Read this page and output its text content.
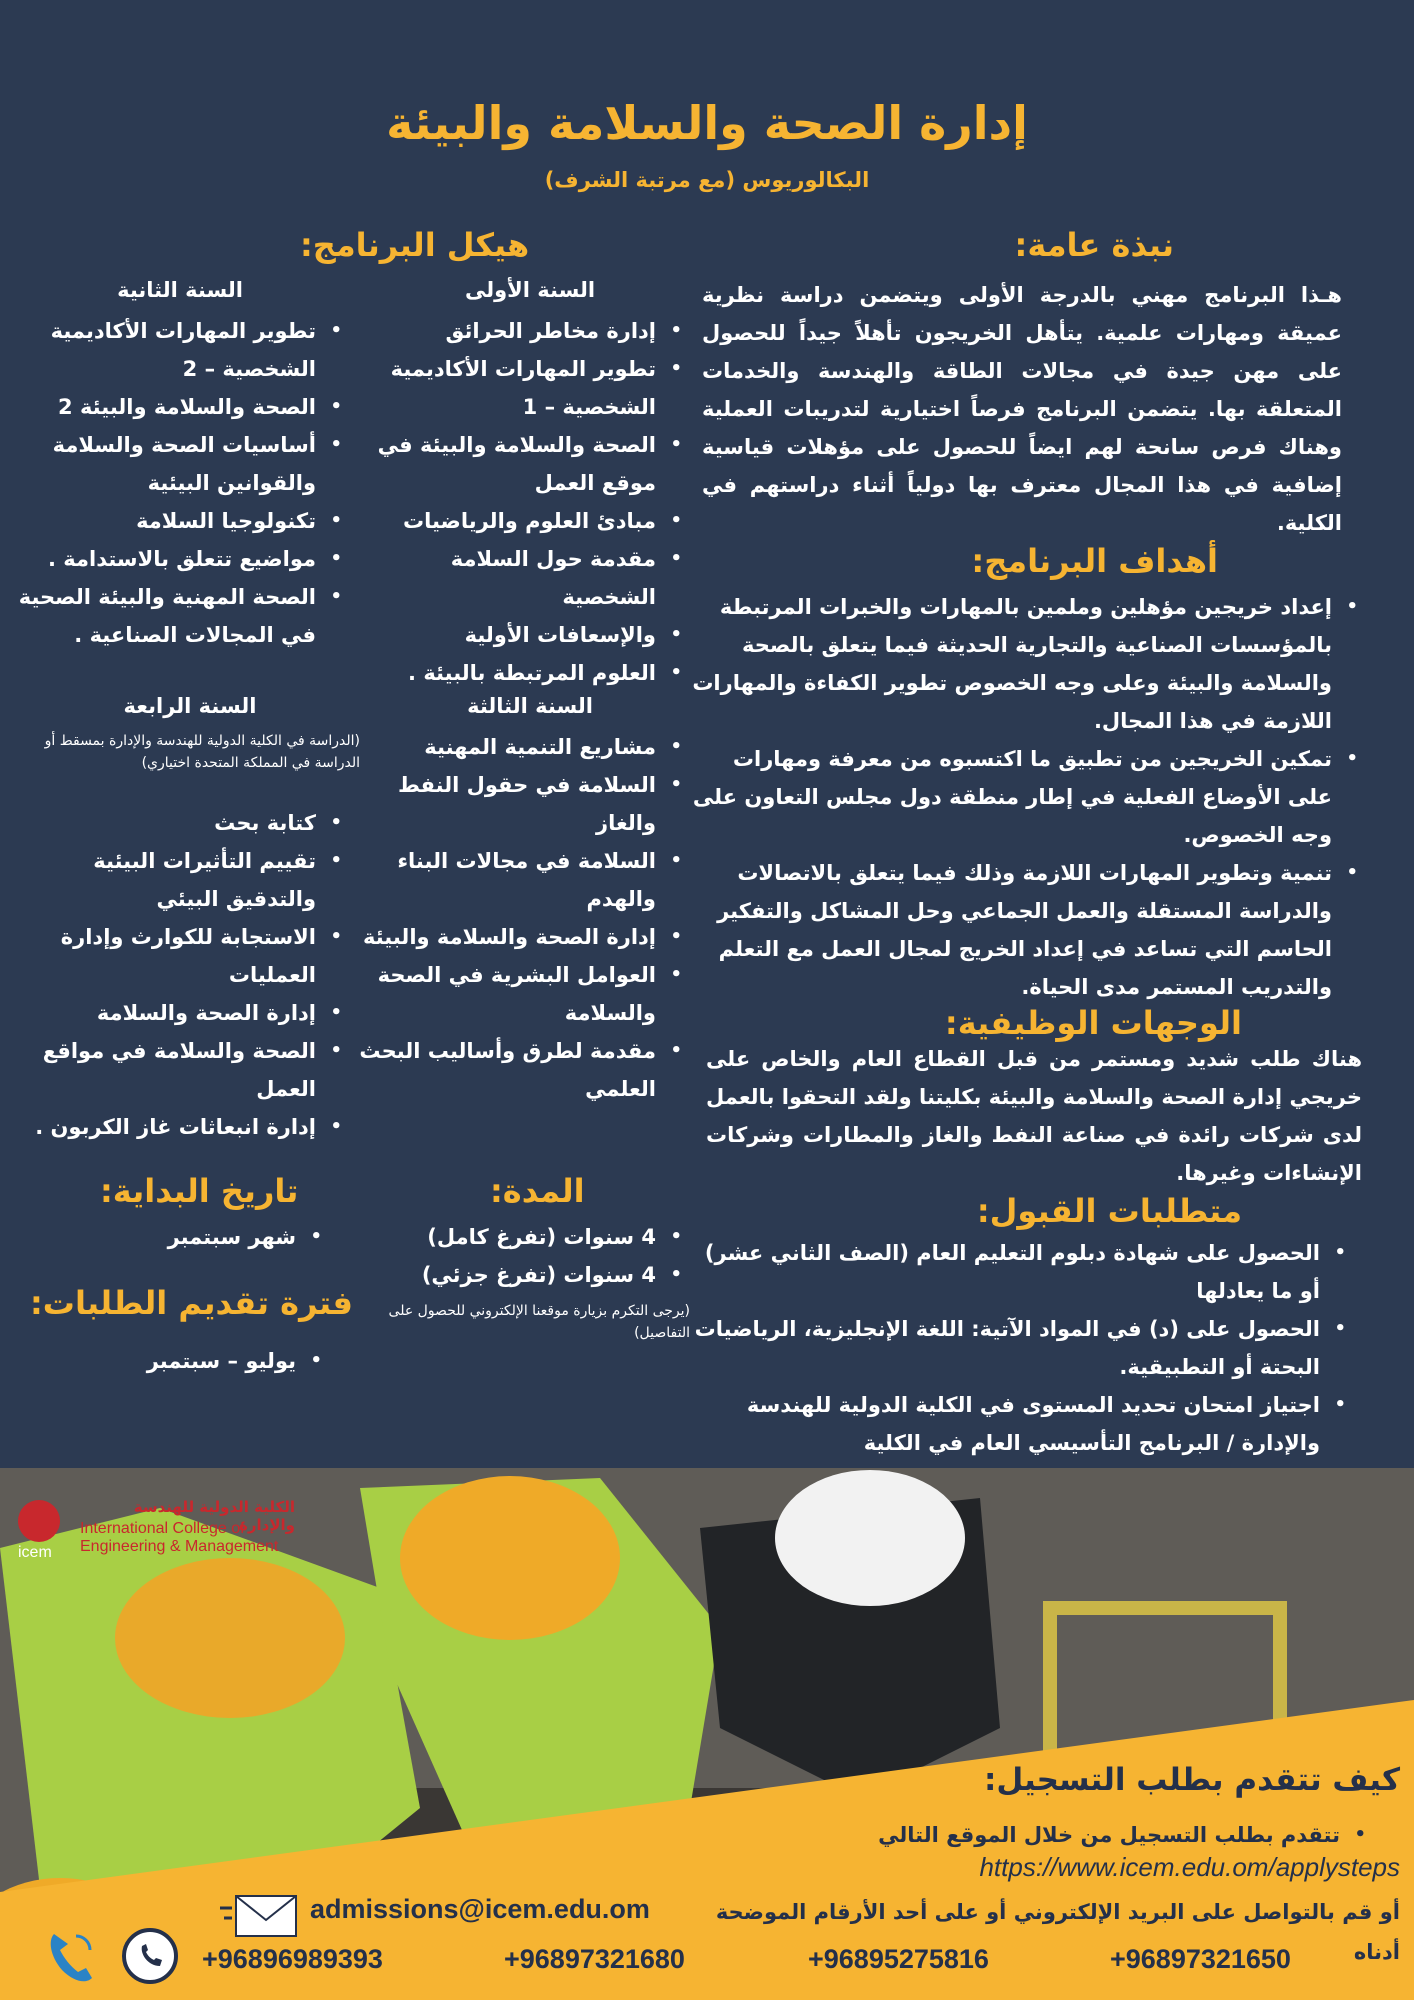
إدارة الصحة والسلامة والبيئة
البكالوريوس (مع مرتبة الشرف)
نبذة عامة:
هـذا البرنامج مهني بالدرجة الأولى ويتضمن دراسة نظرية عميقة ومهارات علمية. يتأهل الخريجون تأهلاً جيداً للحصول على مهن جيدة في مجالات الطاقة والهندسة والخدمات المتعلقة بها. يتضمن البرنامج فرصاً اختيارية لتدريبات العملية وهناك فرص سانحة لهم ايضاً للحصول على مؤهلات قياسية إضافية في هذا المجال معترف بها دولياً أثناء دراستهم في الكلية.
أهداف البرنامج:
• إعداد خريجين مؤهلين وملمين بالمهارات والخبرات المرتبطة بالمؤسسات الصناعية والتجارية الحديثة فيما يتعلق بالصحة والسلامة والبيئة وعلى وجه الخصوص تطوير الكفاءة والمهارات اللازمة في هذا المجال.
• تمكين الخريجين من تطبيق ما اكتسبوه من معرفة ومهارات على الأوضاع الفعلية في إطار منطقة دول مجلس التعاون على وجه الخصوص.
• تنمية وتطوير المهارات اللازمة وذلك فيما يتعلق بالاتصالات والدراسة المستقلة والعمل الجماعي وحل المشاكل والتفكير الحاسم التي تساعد في إعداد الخريج لمجال العمل مع التعلم والتدريب المستمر مدى الحياة.
الوجهات الوظيفية:
هناك طلب شديد ومستمر من قبل القطاع العام والخاص على خريجي إدارة الصحة والسلامة والبيئة بكليتنا ولقد التحقوا بالعمل لدى شركات رائدة في صناعة النفط والغاز والمطارات وشركات الإنشاءات وغيرها.
متطلبات القبول:
• الحصول على شهادة دبلوم التعليم العام (الصف الثاني عشر) أو ما يعادلها
• الحصول على (د) في المواد الآتية: اللغة الإنجليزية، الرياضيات البحتة أو التطبيقية.
• اجتياز امتحان تحديد المستوى في الكلية الدولية للهندسة والإدارة / البرنامج التأسيسي العام في الكلية
هيكل البرنامج:
السنة الأولى
• إدارة مخاطر الحرائق
• تطوير المهارات الأكاديمية الشخصية – 1
• الصحة والسلامة والبيئة في موقع العمل
• مبادئ العلوم والرياضيات
• مقدمة حول السلامة الشخصية
• والإسعافات الأولية
• العلوم المرتبطة بالبيئة .
السنة الثانية
• تطوير المهارات الأكاديمية الشخصية – 2
• الصحة والسلامة والبيئة 2
• أساسيات الصحة والسلامة والقوانين البيئية
• تكنولوجيا السلامة
• مواضيع تتعلق بالاستدامة .
• الصحة المهنية والبيئة الصحية في المجالات الصناعية .
السنة الثالثة
• مشاريع التنمية المهنية
• السلامة في حقول النفط والغاز
• السلامة في مجالات البناء والهدم
• إدارة الصحة والسلامة والبيئة
• العوامل البشرية في الصحة والسلامة
• مقدمة لطرق وأساليب البحث العلمي
السنة الرابعة
(الدراسة في الكلية الدولية للهندسة والإدارة بمسقط أو الدراسة في المملكة المتحدة اختياري)
• كتابة بحث
• تقييم التأثيرات البيئية والتدقيق البيئي
• الاستجابة للكوارث وإدارة العمليات
• إدارة الصحة والسلامة
• الصحة والسلامة في مواقع العمل
• إدارة انبعاثات غاز الكربون .
المدة:
• 4 سنوات (تفرغ كامل)
• 4 سنوات (تفرغ جزئي)
(يرجى التكرم بزيارة موقعنا الإلكتروني للحصول على التفاصيل)
تاريخ البداية:
• شهر سبتمبر
فترة تقديم الطلبات:
• يوليو – سبتمبر
icem
الكلية الدولية للهندسة والإدارة
International College of
Engineering & Management
كيف تتقدم بطلب التسجيل:
• تتقدم بطلب التسجيل من خلال الموقع التالي
https://www.icem.edu.om/applysteps
أو قم بالتواصل على البريد الإلكتروني أو على أحد الأرقام الموضحة أدناه
admissions@icem.edu.om
+96896989393	+96897321680	+96895275816	+96897321650
